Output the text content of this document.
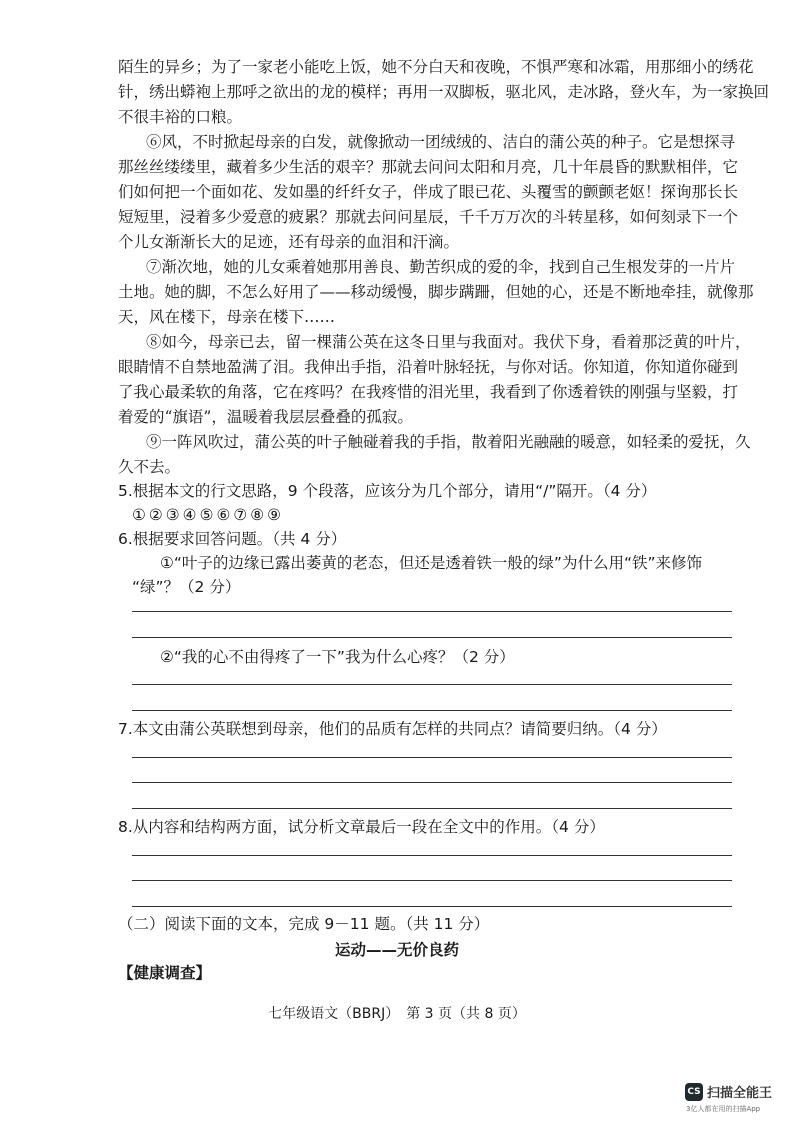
陌生的异乡；为了一家老小能吃上饭，她不分白天和夜晚，不惧严寒和冰霜，用那细小的绣花
针，绣出蟒袍上那呼之欲出的龙的模样；再用一双脚板，驱北风，走冰路，登火车，为一家换回
不很丰裕的口粮。
⑥风，不时掀起母亲的白发，就像掀动一团绒绒的、洁白的蒲公英的种子。它是想探寻
那丝丝缕缕里，藏着多少生活的艰辛？那就去问问太阳和月亮，几十年晨昏的默默相伴，它
们如何把一个面如花、发如墨的纤纤女子，伴成了眼已花、头覆雪的颤颤老妪！探询那长长
短短里，浸着多少爱意的疲累？那就去问问星辰，千千万万次的斗转星移，如何刻录下一个
个儿女渐渐长大的足迹，还有母亲的血泪和汗滴。
⑦渐次地，她的儿女乘着她那用善良、勤苦织成的爱的伞，找到自己生根发芽的一片片
土地。她的脚，不怎么好用了——移动缓慢，脚步蹒跚，但她的心，还是不断地牵挂，就像那
天，风在楼下，母亲在楼下……
⑧如今，母亲已去，留一棵蒲公英在这冬日里与我面对。我伏下身，看着那泛黄的叶片，
眼睛情不自禁地盈满了泪。我伸出手指，沿着叶脉轻抚，与你对话。你知道，你知道你碰到
了我心最柔软的角落，它在疼吗？在我疼惜的泪光里，我看到了你透着铁的刚强与坚毅，打
着爱的“旗语”，温暖着我层层叠叠的孤寂。
⑨一阵风吹过，蒲公英的叶子触碰着我的手指，散着阳光融融的暖意，如轻柔的爱抚，久
久不去。
5.根据本文的行文思路，9 个段落，应该分为几个部分，请用“/”隔开。（4 分）
①②③④⑤⑥⑦⑧⑨
6.根据要求回答问题。（共 4 分）
①“叶子的边缘已露出萎黄的老态，但还是透着铁一般的绿”为什么用“铁”来修饰
“绿”？（2 分）
②“我的心不由得疼了一下”我为什么心疼？（2 分）
7.本文由蒲公英联想到母亲，他们的品质有怎样的共同点？请简要归纳。（4 分）
8.从内容和结构两方面，试分析文章最后一段在全文中的作用。（4 分）
（二）阅读下面的文本，完成 9－11 题。（共 11 分）
运动——无价良药
【健康调查】
七年级语文（BBRJ）　第 3 页（共 8 页）
CS 扫描全能王
3亿人都在用的扫描App
